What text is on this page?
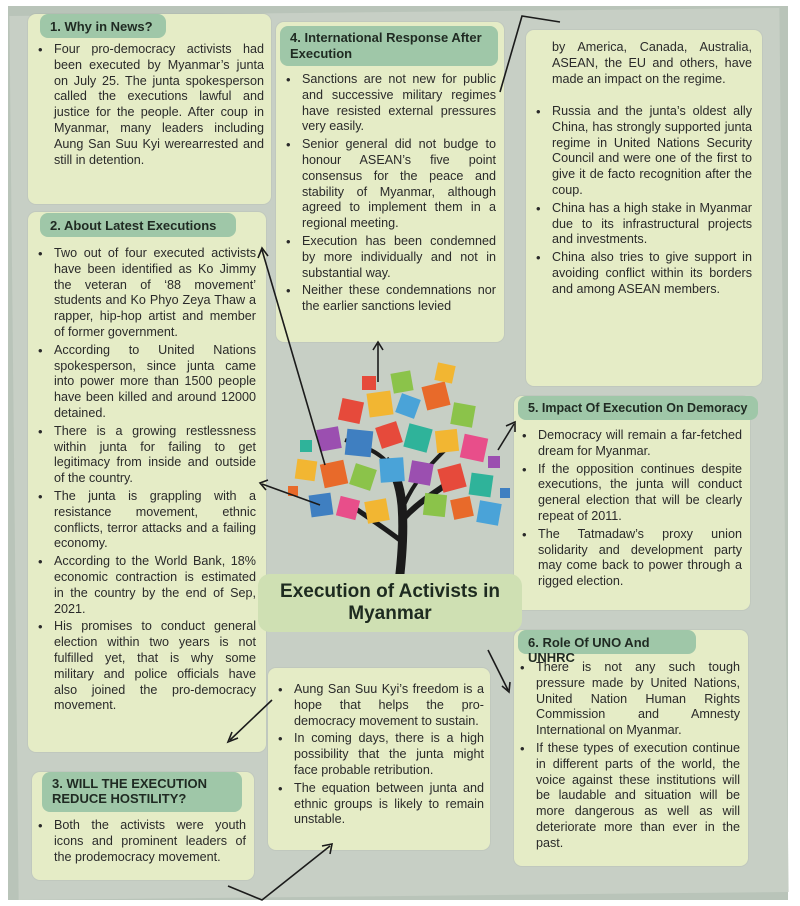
1. Why in News?
• Four pro-democracy activists had been executed by Myanmar’s junta on July 25. The junta spokesperson called the executions lawful and justice for the people. After coup in Myanmar, many leaders including Aung San Suu Kyi werearrested and still in detention.
2. About Latest Executions
• Two out of four executed activists have been identified as Ko Jimmy the veteran of ‘88 movement’ students and Ko Phyo Zeya Thaw a rapper, hip-hop artist and member of former government.
• According to United Nations spokesperson, since junta came into power more than 1500 people have been killed and around 12000 detained.
• There is a growing restlessness within junta for failing to get legitimacy from inside and outside of the country.
• The junta is grappling with a resistance movement, ethnic conflicts, terror attacks and a failing economy.
• According to the World Bank, 18% economic contraction is estimated in the country by the end of Sep, 2021.
• His promises to conduct general election within two years is not fulfilled yet, that is why some military and police officials have also joined the pro-democracy movement.
3. WILL THE EXECUTION REDUCE HOSTILITY?
• Both the activists were youth icons and prominent leaders of the prodemocracy movement.
• Aung San Suu Kyi’s freedom is a hope that helps the pro-democracy movement to sustain.
• In coming days, there is a high possibility that the junta might face probable retribution.
• The equation between junta and ethnic groups is likely to remain unstable.
4. International Response After Execution
• Sanctions are not new for public and successive military regimes have resisted external pressures very easily.
• Senior general did not budge to honour ASEAN’s five point consensus for the peace and stability of Myanmar, although agreed to implement them in a regional meeting.
• Execution has been condemned by more individually and not in substantial way.
• Neither these condemnations nor the earlier sanctions levied
by America, Canada, Australia, ASEAN, the EU and others, have made an impact on the regime.
• Russia and the junta’s oldest ally China, has strongly supported junta regime in United Nations Security Council and were one of the first to give it de facto recognition after the coup.
• China has a high stake in Myanmar due to its infrastructural projects and investments.
• China also tries to give support in avoiding conflict within its borders and among ASEAN members.
5. Impact Of Execution On Demoracy
• Democracy will remain a far-fetched dream for Myanmar.
• If the opposition continues despite executions, the junta will conduct general election that will be clearly repeat of 2011.
• The Tatmadaw’s proxy union solidarity and development party may come back to power through a rigged election.
6. Role Of UNO And UNHRC
• There is not any such tough pressure made by United Nations, United Nation Human Rights Commission and Amnesty International on Myanmar.
• If these types of execution continue in different parts of the world, the voice against these institutions will be laudable and situation will be more dangerous as well as will deteriorate more than ever in the past.
Execution of Activists in Myanmar
